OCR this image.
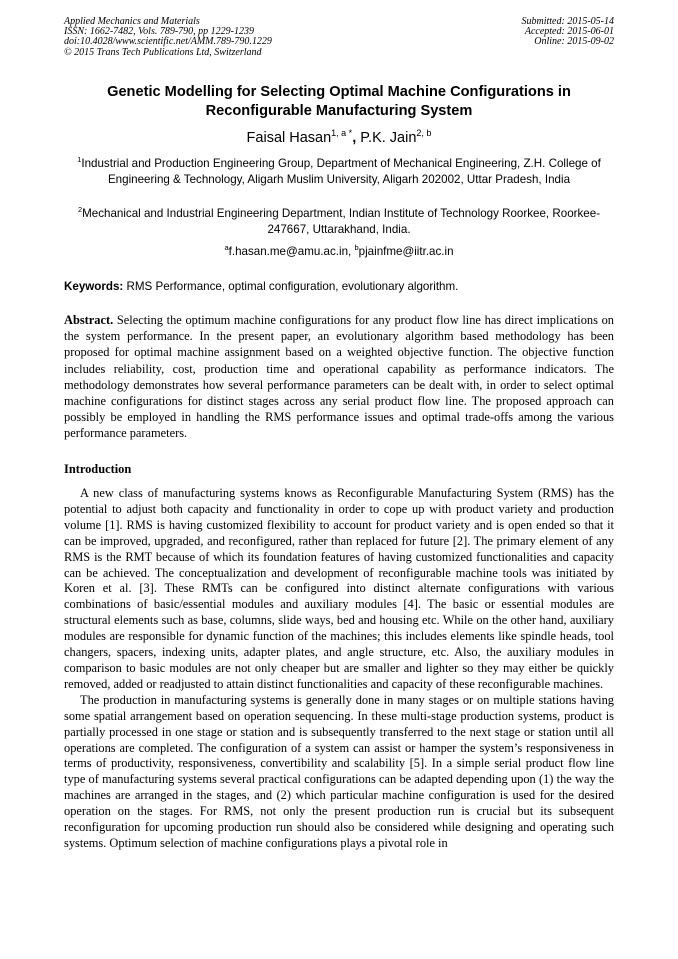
Applied Mechanics and Materials
ISSN: 1662-7482, Vols. 789-790, pp 1229-1239
doi:10.4028/www.scientific.net/AMM.789-790.1229
© 2015 Trans Tech Publications Ltd, Switzerland
Submitted: 2015-05-14
Accepted: 2015-06-01
Online: 2015-09-02
Genetic Modelling for Selecting Optimal Machine Configurations in
Reconfigurable Manufacturing System
Faisal Hasan$^{1, a *}$, P.K. Jain$^{2, b}$
$^1$Industrial and Production Engineering Group, Department of Mechanical Engineering, Z.H. College of Engineering & Technology, Aligarh Muslim University, Aligarh 202002, Uttar Pradesh, India
$^2$Mechanical and Industrial Engineering Department, Indian Institute of Technology Roorkee, Roorkee-247667, Uttarakhand, India.
$^a$f.hasan.me@amu.ac.in, $^b$pjainfme@iitr.ac.in
Keywords: RMS Performance, optimal configuration, evolutionary algorithm.
Abstract. Selecting the optimum machine configurations for any product flow line has direct implications on the system performance. In the present paper, an evolutionary algorithm based methodology has been proposed for optimal machine assignment based on a weighted objective function. The objective function includes reliability, cost, production time and operational capability as performance indicators. The methodology demonstrates how several performance parameters can be dealt with, in order to select optimal machine configurations for distinct stages across any serial product flow line. The proposed approach can possibly be employed in handling the RMS performance issues and optimal trade-offs among the various performance parameters.
Introduction

A new class of manufacturing systems knows as Reconfigurable Manufacturing System (RMS) has the potential to adjust both capacity and functionality in order to cope up with product variety and production volume [1]. RMS is having customized flexibility to account for product variety and is open ended so that it can be improved, upgraded, and reconfigured, rather than replaced for future [2]. The primary element of any RMS is the RMT because of which its foundation features of having customized functionalities and capacity can be achieved. The conceptualization and development of reconfigurable machine tools was initiated by Koren et al. [3]. These RMTs can be configured into distinct alternate configurations with various combinations of basic/essential modules and auxiliary modules [4]. The basic or essential modules are structural elements such as base, columns, slide ways, bed and housing etc. While on the other hand, auxiliary modules are responsible for dynamic function of the machines; this includes elements like spindle heads, tool changers, spacers, indexing units, adapter plates, and angle structure, etc. Also, the auxiliary modules in comparison to basic modules are not only cheaper but are smaller and lighter so they may either be quickly removed, added or readjusted to attain distinct functionalities and capacity of these reconfigurable machines.

The production in manufacturing systems is generally done in many stages or on multiple stations having some spatial arrangement based on operation sequencing. In these multi-stage production systems, product is partially processed in one stage or station and is subsequently transferred to the next stage or station until all operations are completed. The configuration of a system can assist or hamper the system’s responsiveness in terms of productivity, responsiveness, convertibility and scalability [5]. In a simple serial product flow line type of manufacturing systems several practical configurations can be adapted depending upon (1) the way the machines are arranged in the stages, and (2) which particular machine configuration is used for the desired operation on the stages. For RMS, not only the present production run is crucial but its subsequent reconfiguration for upcoming production run should also be considered while designing and operating such systems. Optimum selection of machine configurations plays a pivotal role in
